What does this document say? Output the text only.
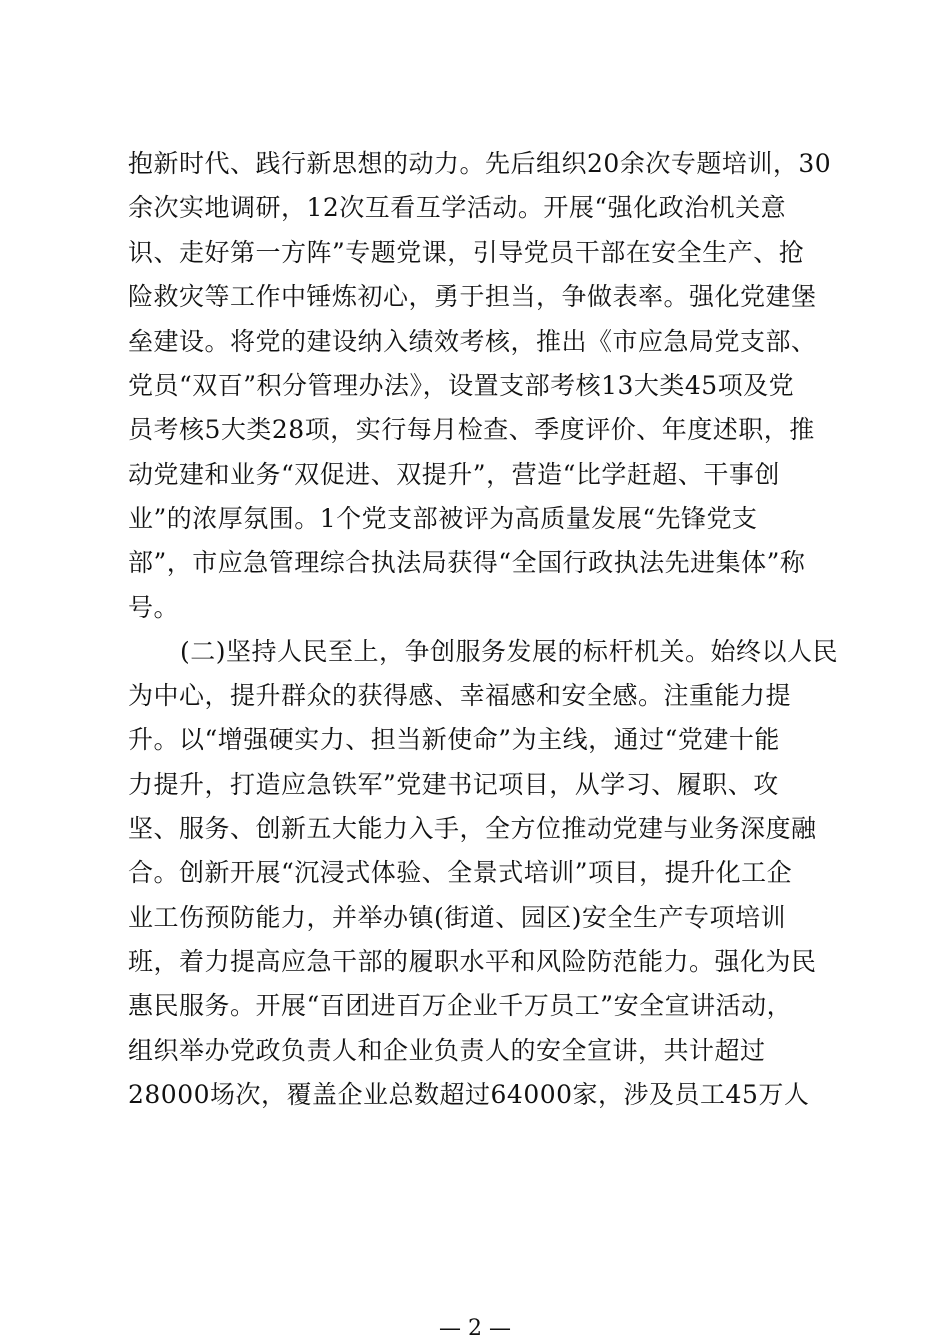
抱新时代、践行新思想的动力。先后组织20余次专题培训，30
余次实地调研，12次互看互学活动。开展“强化政治机关意
识、走好第一方阵”专题党课，引导党员干部在安全生产、抢
险救灾等工作中锤炼初心，勇于担当，争做表率。强化党建堡
垒建设。将党的建设纳入绩效考核，推出《市应急局党支部、
党员“双百”积分管理办法》，设置支部考核13大类45项及党
员考核5大类28项，实行每月检查、季度评价、年度述职，推
动党建和业务“双促进、双提升”，营造“比学赶超、干事创
业”的浓厚氛围。1个党支部被评为高质量发展“先锋党支
部”，市应急管理综合执法局获得“全国行政执法先进集体”称
号。
(二)坚持人民至上，争创服务发展的标杆机关。始终以人民
为中心，提升群众的获得感、幸福感和安全感。注重能力提
升。以“增强硬实力、担当新使命”为主线，通过“党建十能
力提升，打造应急铁军”党建书记项目，从学习、履职、攻
坚、服务、创新五大能力入手，全方位推动党建与业务深度融
合。创新开展“沉浸式体验、全景式培训”项目，提升化工企
业工伤预防能力，并举办镇(街道、园区)安全生产专项培训
班，着力提高应急干部的履职水平和风险防范能力。强化为民
惠民服务。开展“百团进百万企业千万员工”安全宣讲活动，
组织举办党政负责人和企业负责人的安全宣讲，共计超过
28000场次，覆盖企业总数超过64000家，涉及员工45万人
— 2 —
